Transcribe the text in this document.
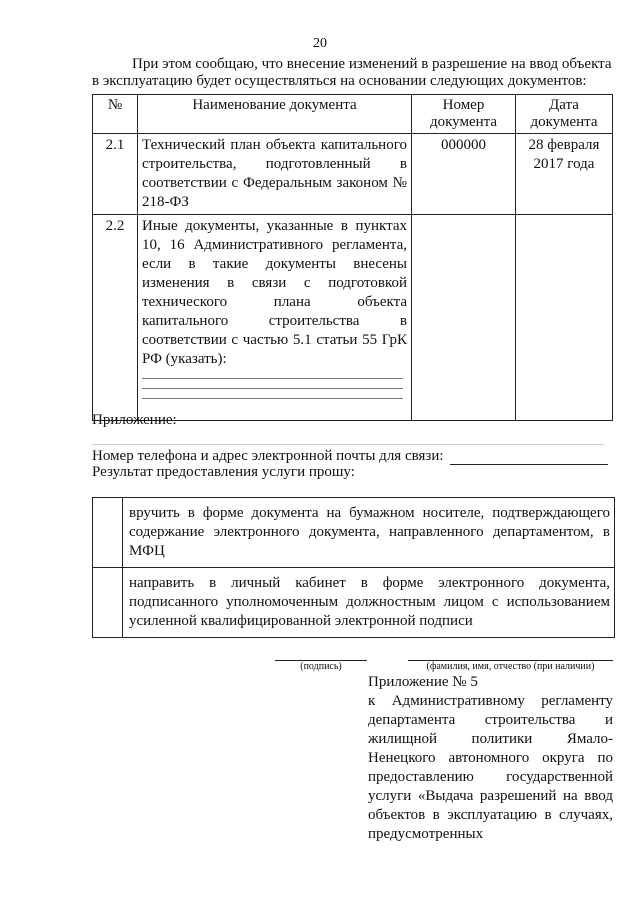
20
При этом сообщаю, что внесение изменений в разрешение на ввод объекта
в эксплуатацию будет осуществляться на основании следующих документов:
№	Наименование документа	Номер документа	Дата документа
2.1	Технический план объекта капитального строительства, подготовленный в соответствии с Федеральным законом № 218-ФЗ	000000	28 февраля 2017 года
2.2	Иные документы, указанные в пунктах 10, 16 Административного регламента, если в такие документы внесены изменения в связи с подготовкой технического плана объекта капитального строительства в соответствии с частью 5.1 статьи 55 ГрК РФ (указать):		

Приложение:
Номер телефона и адрес электронной почты для связи:
Результат предоставления услуги прошу:
	вручить в форме документа на бумажном носителе, подтверждающего содержание электронного документа, направленного департаментом, в МФЦ
	направить в личный кабинет в форме электронного документа, подписанного уполномоченным должностным лицом с использованием усиленной квалифицированной электронной подписи
(подпись)	(фамилия, имя, отчество (при наличии)
Приложение № 5
к Административному регламенту департамента строительства и жилищной политики Ямало-Ненецкого автономного округа по предоставлению государственной услуги «Выдача разрешений на ввод объектов в эксплуатацию в случаях, предусмотренных
